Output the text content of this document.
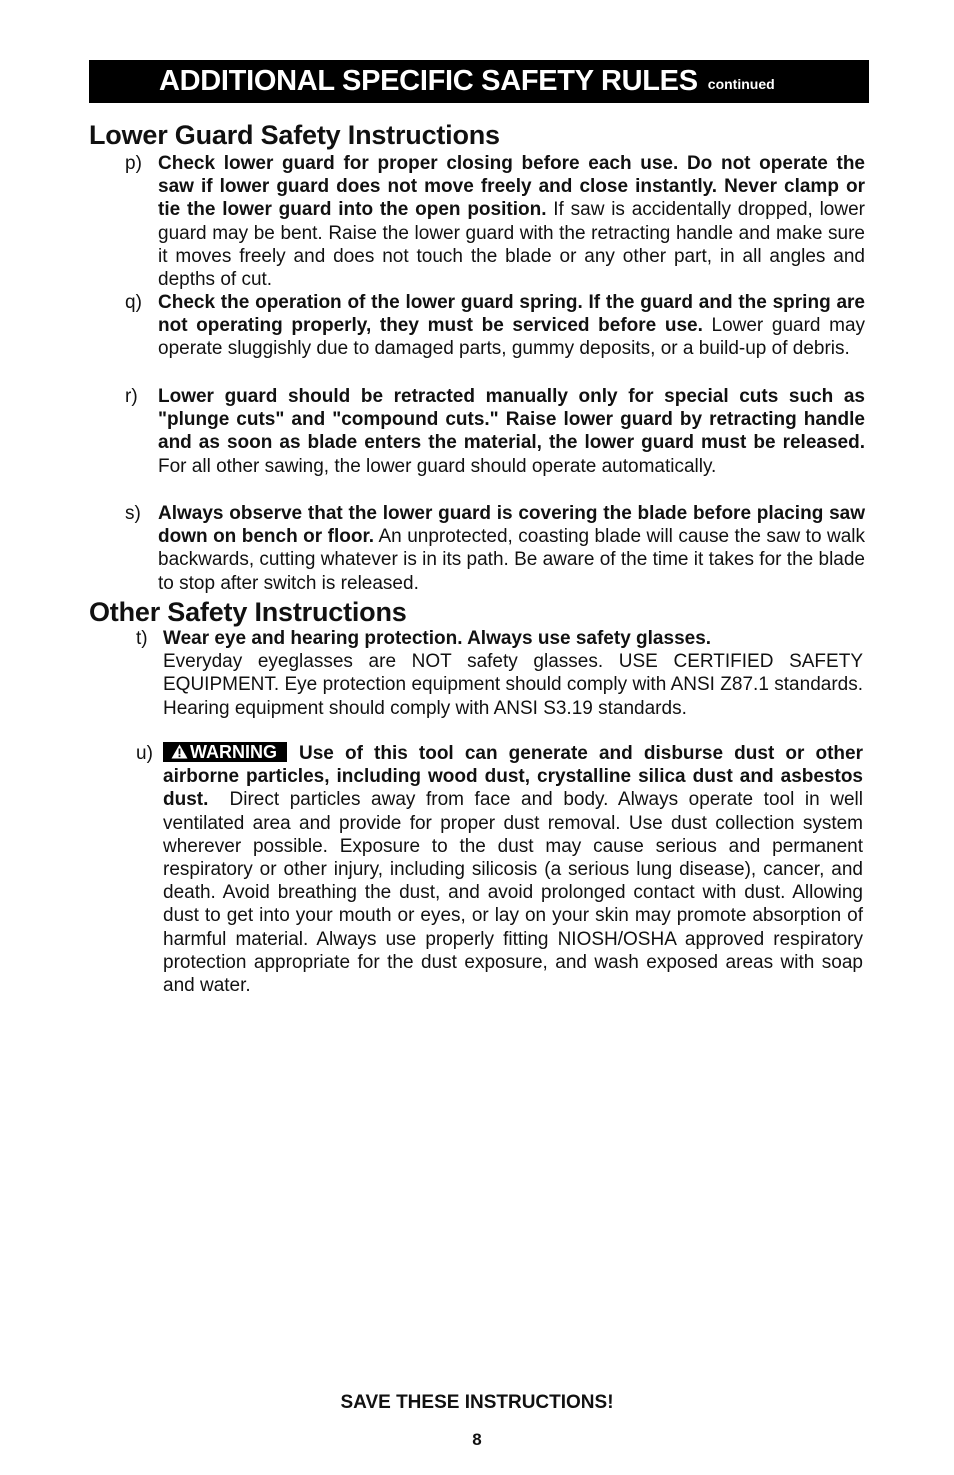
ADDITIONAL SPECIFIC SAFETY RULES continued
Lower Guard Safety Instructions
p) Check lower guard for proper closing before each use. Do not operate the saw if lower guard does not move freely and close instantly. Never clamp or tie the lower guard into the open position. If saw is accidentally dropped, lower guard may be bent. Raise the lower guard with the retracting handle and make sure it moves freely and does not touch the blade or any other part, in all angles and depths of cut.
q) Check the operation of the lower guard spring. If the guard and the spring are not operating properly, they must be serviced before use. Lower guard may operate sluggishly due to damaged parts, gummy deposits, or a build-up of debris.
r) Lower guard should be retracted manually only for special cuts such as "plunge cuts" and "compound cuts." Raise lower guard by retracting handle and as soon as blade enters the material, the lower guard must be released. For all other sawing, the lower guard should operate automatically.
s) Always observe that the lower guard is covering the blade before placing saw down on bench or floor. An unprotected, coasting blade will cause the saw to walk backwards, cutting whatever is in its path. Be aware of the time it takes for the blade to stop after switch is released.
Other Safety Instructions
t) Wear eye and hearing protection. Always use safety glasses.
Everyday eyeglasses are NOT safety glasses. USE CERTIFIED SAFETY EQUIPMENT. Eye protection equipment should comply with ANSI Z87.1 standards. Hearing equipment should comply with ANSI S3.19 standards.
u) WARNING Use of this tool can generate and disburse dust or other airborne particles, including wood dust, crystalline silica dust and asbestos dust.  Direct particles away from face and body. Always operate tool in well ventilated area and provide for proper dust removal. Use dust collection system wherever possible. Exposure to the dust may cause serious and permanent respiratory or other injury, including silicosis (a serious lung disease), cancer, and death. Avoid breathing the dust, and avoid prolonged contact with dust. Allowing dust to get into your mouth or eyes, or lay on your skin may promote absorption of harmful material. Always use properly fitting NIOSH/OSHA approved respiratory protection appropriate for the dust exposure, and wash exposed areas with soap and water.
SAVE THESE INSTRUCTIONS!
8
